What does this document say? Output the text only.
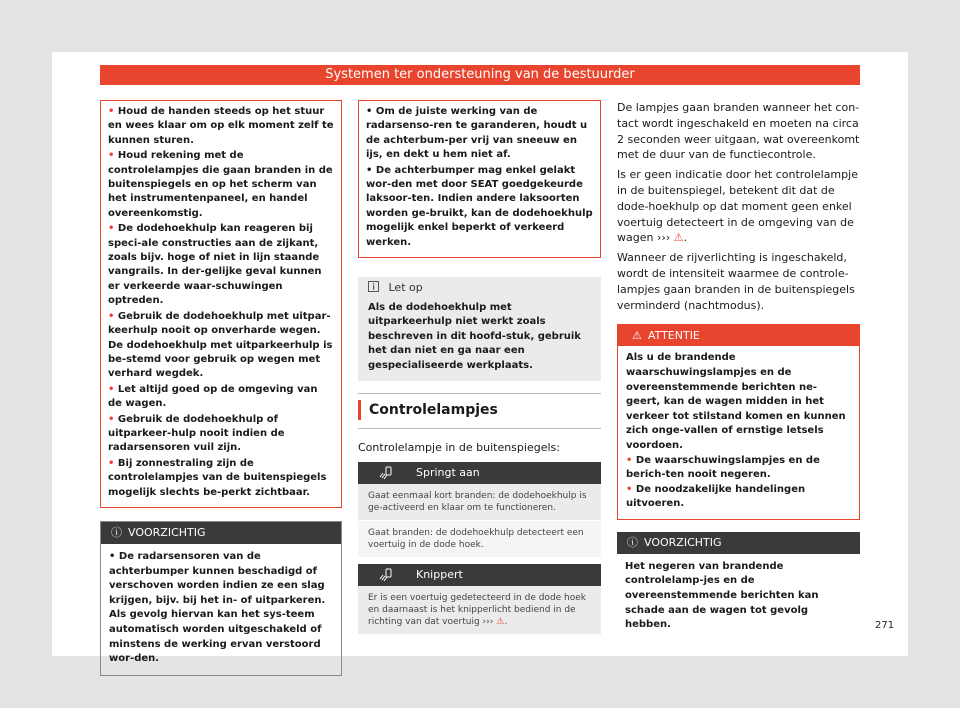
Systemen ter ondersteuning van de bestuurder

• Houd de handen steeds op het stuur en wees klaar om op elk moment zelf te kunnen sturen.

• Houd rekening met de controlelampjes die gaan branden in de buitenspiegels en op het scherm van het instrumentenpaneel, en handel overeenkomstig.

• De dodehoekhulp kan reageren bij speci-ale constructies aan de zijkant, zoals bijv. hoge of niet in lijn staande vangrails. In der-gelijke geval kunnen er verkeerde waar-schuwingen optreden.

• Gebruik de dodehoekhulp met uitpar-keerhulp nooit op onverharde wegen. De dodehoekhulp met uitparkeerhulp is be-stemd voor gebruik op wegen met verhard wegdek.

• Let altijd goed op de omgeving van de wagen.

• Gebruik de dodehoekhulp of uitparkeer-hulp nooit indien de radarsensoren vuil zijn.

• Bij zonnestraling zijn de controlelampjes van de buitenspiegels mogelijk slechts be-perkt zichtbaar.

ⓘ VOORZICHTIG

• De radarsensoren van de achterbumper kunnen beschadigd of verschoven worden indien ze een slag krijgen, bijv. bij het in- of uitparkeren. Als gevolg hiervan kan het sys-teem automatisch worden uitgeschakeld of minstens de werking ervan verstoord wor-den.

• Om de juiste werking van de radarsenso-ren te garanderen, houdt u de achterbum-per vrij van sneeuw en ijs, en dekt u hem niet af.

• De achterbumper mag enkel gelakt wor-den met door SEAT goedgekeurde laksoor-ten. Indien andere laksoorten worden ge-bruikt, kan de dodehoekhulp mogelijk enkel beperkt of verkeerd werken.

Let op

Als de dodehoekhulp met uitparkeerhulp niet werkt zoals beschreven in dit hoofd-stuk, gebruik het dan niet en ga naar een gespecialiseerde werkplaats.

Controlelampjes
Controlelampje in de buitenspiegels:
Springt aan
Gaat eenmaal kort branden: de dodehoekhulp is ge-activeerd en klaar om te functioneren.
Gaat branden: de dodehoekhulp detecteert een voertuig in de dode hoek.
Knippert
Er is een voertuig gedetecteerd in de dode hoek en daarnaast is het knipperlicht bediend in de richting van dat voertuig ››› ⚠.

De lampjes gaan branden wanneer het con-tact wordt ingeschakeld en moeten na circa 2 seconden weer uitgaan, wat overeenkomt met de duur van de functiecontrole.

Is er geen indicatie door het controlelampje in de buitenspiegel, betekent dit dat de dode-hoekhulp op dat moment geen enkel voertuig detecteert in de omgeving van de wagen ››› ⚠.

Wanneer de rijverlichting is ingeschakeld, wordt de intensiteit waarmee de controle-lampjes gaan branden in de buitenspiegels verminderd (nachtmodus).

⚠ ATTENTIE

Als u de brandende waarschuwingslampjes en de overeenstemmende berichten ne-geert, kan de wagen midden in het verkeer tot stilstand komen en kunnen zich onge-vallen of ernstige letsels voordoen.

• De waarschuwingslampjes en de berich-ten nooit negeren.

• De noodzakelijke handelingen uitvoeren.

ⓘ VOORZICHTIG

Het negeren van brandende controlelamp-jes en de overeenstemmende berichten kan schade aan de wagen tot gevolg hebben.	271
